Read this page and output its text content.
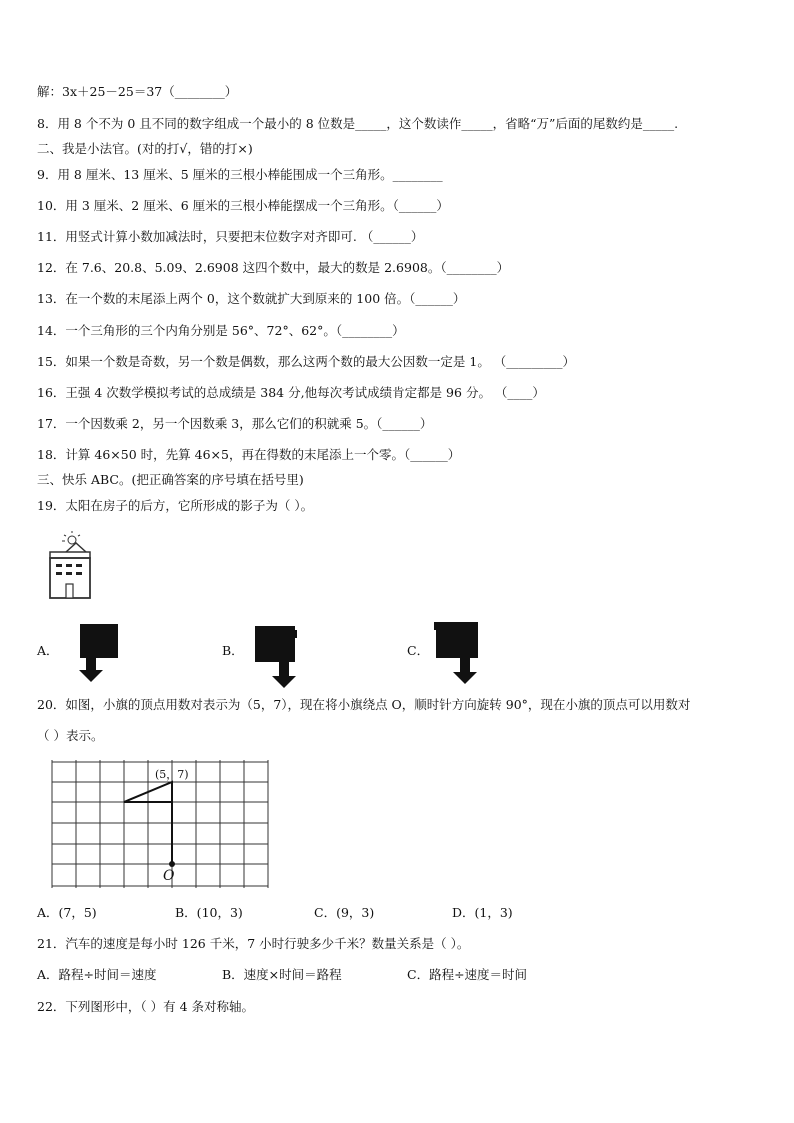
解：3x＋25－25＝37（________）
8．用 8 个不为 0 且不同的数字组成一个最小的 8 位数是_____，这个数读作_____，省略“万”后面的尾数约是_____.
二、我是小法官。(对的打√，错的打×)
9．用 8 厘米、13 厘米、5 厘米的三根小棒能围成一个三角形。________
10．用 3 厘米、2 厘米、6 厘米的三根小棒能摆成一个三角形。（______）
11．用竖式计算小数加减法时，只要把末位数字对齐即可. （______）
12．在 7.6、20.8、5.09、2.6908 这四个数中，最大的数是 2.6908。（________）
13．在一个数的末尾添上两个 0，这个数就扩大到原来的 100 倍。（______）
14．一个三角形的三个内角分别是 56°、72°、62°。（________）
15．如果一个数是奇数，另一个数是偶数，那么这两个数的最大公因数一定是 1。 （_________）
16．王强 4 次数学模拟考试的总成绩是 384 分,他每次考试成绩肯定都是 96 分。 （____）
17．一个因数乘 2，另一个因数乘 3，那么它们的积就乘 5。（______）
18．计算 46×50 时，先算 46×5，再在得数的末尾添上一个零。（______）
三、快乐 ABC。(把正确答案的序号填在括号里)
19．太阳在房子的后方，它所形成的影子为（ ）。
A．	B．	C．
20．如图，小旗的顶点用数对表示为（5，7），现在将小旗绕点 O，顺时针方向旋转 90°，现在小旗的顶点可以用数对
（ ）表示。
(5，7)
O
A．(7，5)	B．(10，3)	C．(9，3)	D．(1，3)
21．汽车的速度是每小时 126 千米，7 小时行驶多少千米？数量关系是（ ）。
A．路程÷时间＝速度	B．速度×时间＝路程	C．路程÷速度＝时间
22．下列图形中，（ ）有 4 条对称轴。
